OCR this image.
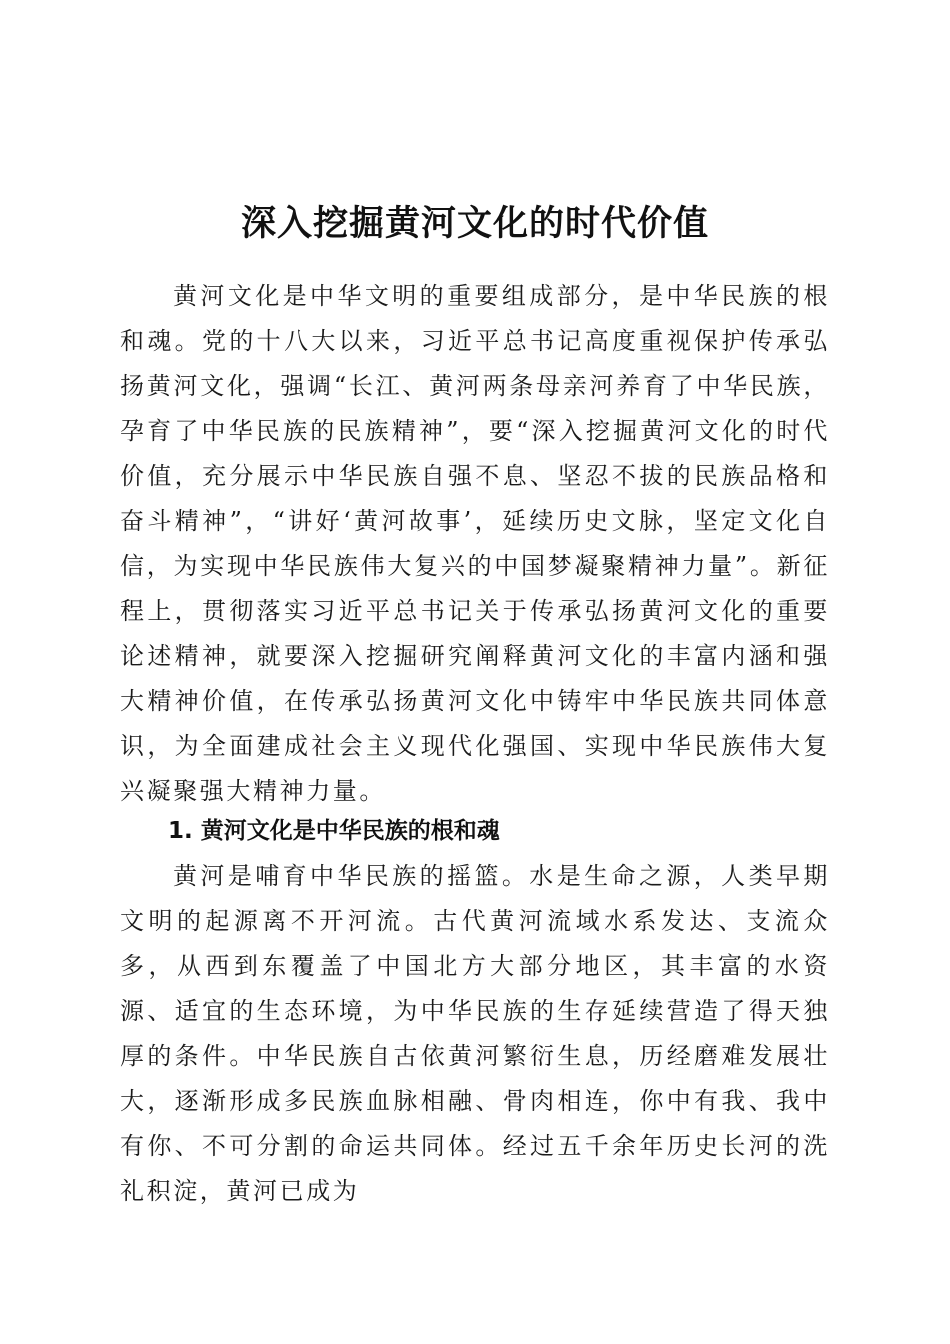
深入挖掘黄河文化的时代价值

黄河文化是中华文明的重要组成部分，是中华民族的根和魂。党的十八大以来，习近平总书记高度重视保护传承弘扬黄河文化，强调“长江、黄河两条母亲河养育了中华民族，孕育了中华民族的民族精神”，要“深入挖掘黄河文化的时代价值，充分展示中华民族自强不息、坚忍不拔的民族品格和奋斗精神”，“讲好‘黄河故事’，延续历史文脉，坚定文化自信，为实现中华民族伟大复兴的中国梦凝聚精神力量”。新征程上，贯彻落实习近平总书记关于传承弘扬黄河文化的重要论述精神，就要深入挖掘研究阐释黄河文化的丰富内涵和强大精神价值，在传承弘扬黄河文化中铸牢中华民族共同体意识，为全面建成社会主义现代化强国、实现中华民族伟大复兴凝聚强大精神力量。

1. 黄河文化是中华民族的根和魂

黄河是哺育中华民族的摇篮。水是生命之源，人类早期文明的起源离不开河流。古代黄河流域水系发达、支流众多，从西到东覆盖了中国北方大部分地区，其丰富的水资源、适宜的生态环境，为中华民族的生存延续营造了得天独厚的条件。中华民族自古依黄河繁衍生息，历经磨难发展壮大，逐渐形成多民族血脉相融、骨肉相连，你中有我、我中有你、不可分割的命运共同体。经过五千余年历史长河的洗礼积淀，黄河已成为
